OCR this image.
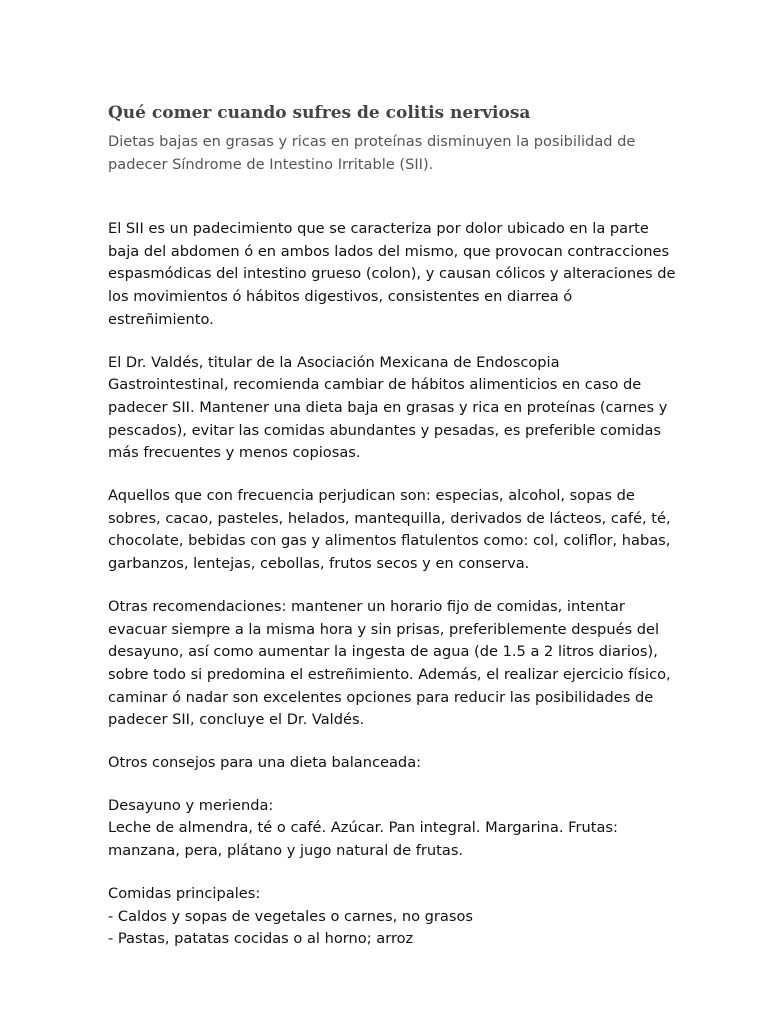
Qué comer cuando sufres de colitis nerviosa
Dietas bajas en grasas y ricas en proteínas disminuyen la posibilidad de
padecer Síndrome de Intestino Irritable (SII).

El SII es un padecimiento que se caracteriza por dolor ubicado en la parte
baja del abdomen ó en ambos lados del mismo, que provocan contracciones
espasmódicas del intestino grueso (colon), y causan cólicos y alteraciones de
los movimientos ó hábitos digestivos, consistentes en diarrea ó
estreñimiento.

El Dr. Valdés, titular de la Asociación Mexicana de Endoscopia
Gastrointestinal, recomienda cambiar de hábitos alimenticios en caso de
padecer SII. Mantener una dieta baja en grasas y rica en proteínas (carnes y
pescados), evitar las comidas abundantes y pesadas, es preferible comidas
más frecuentes y menos copiosas.

Aquellos que con frecuencia perjudican son: especias, alcohol, sopas de
sobres, cacao, pasteles, helados, mantequilla, derivados de lácteos, café, té,
chocolate, bebidas con gas y alimentos flatulentos como: col, coliflor, habas,
garbanzos, lentejas, cebollas, frutos secos y en conserva.

Otras recomendaciones: mantener un horario fijo de comidas, intentar
evacuar siempre a la misma hora y sin prisas, preferiblemente después del
desayuno, así como aumentar la ingesta de agua (de 1.5 a 2 litros diarios),
sobre todo si predomina el estreñimiento. Además, el realizar ejercicio físico,
caminar ó nadar son excelentes opciones para reducir las posibilidades de
padecer SII, concluye el Dr. Valdés.

Otros consejos para una dieta balanceada:

Desayuno y merienda:
Leche de almendra, té o café. Azúcar. Pan integral. Margarina. Frutas:
manzana, pera, plátano y jugo natural de frutas.

Comidas principales:
- Caldos y sopas de vegetales o carnes, no grasos
- Pastas, patatas cocidas o al horno; arroz
